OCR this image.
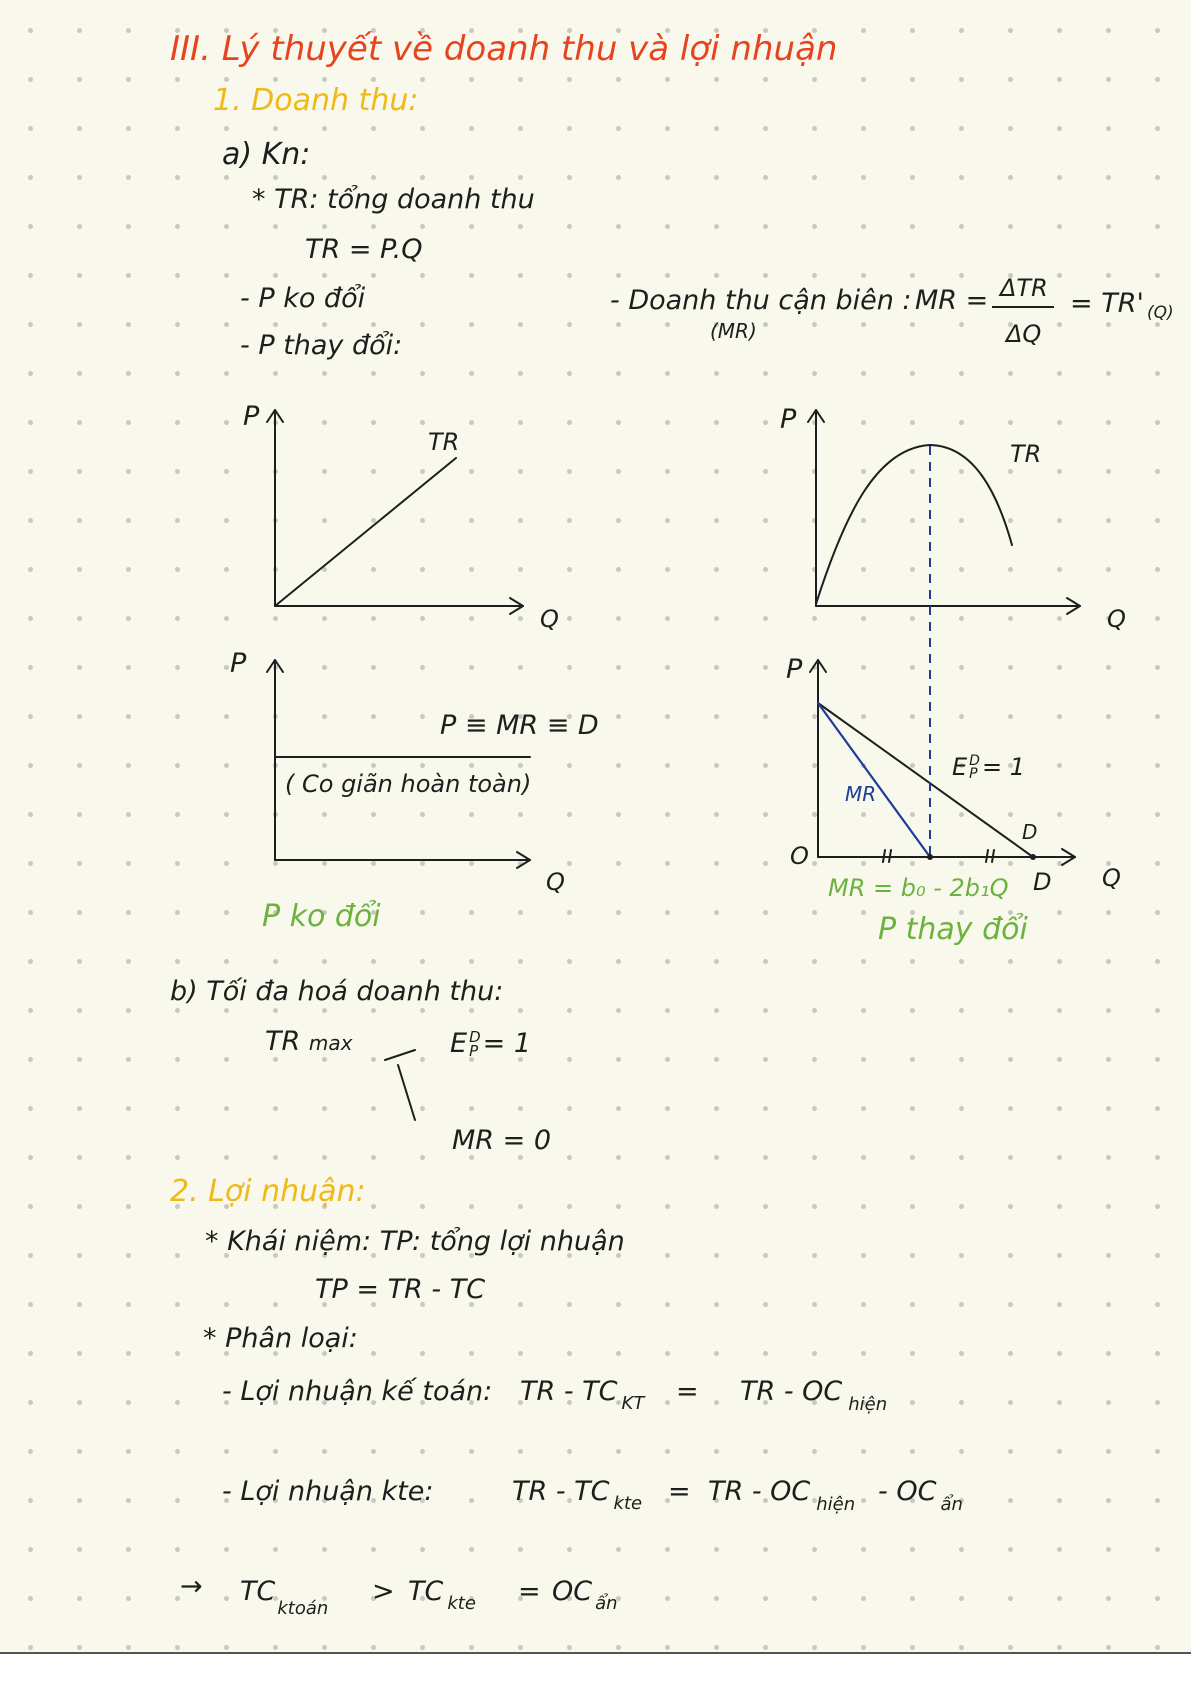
III. Lý thuyết về doanh thu và lợi nhuận
1. Doanh thu:
a) Kn:
* TR: tổng doanh thu
TR = P.Q
- P ko đổi
- P thay đổi:
- Doanh thu cận biên :
(MR)
MR = ΔTR
ΔQ
= TR' (Q)
P
TR
Q
P
TR
Q
P
P ≡ MR ≡ D
( Co giãn hoàn toàn)
Q
P
O
MR
E D
P = 1
D
D Q
MR = b₀ - 2b₁Q
P ko đổi	P thay đổi
b) Tối đa hoá doanh thu:
TR max	E D
P = 1
MR = 0
2. Lợi nhuận:
* Khái niệm: TP: tổng lợi nhuận
TP = TR - TC
* Phân loại:
- Lợi nhuận kế toán: TR - TC $_{KT}$ = TR - OC $_{hiện}$
- Lợi nhuận kte:	TR - TC $_{kte}$ = TR - OC $_{hiện}$ - OC $_{ẩn}$
→ $TC_{ktoán}$
> TC $_{kte}$ = OC $_{ẩn}$
